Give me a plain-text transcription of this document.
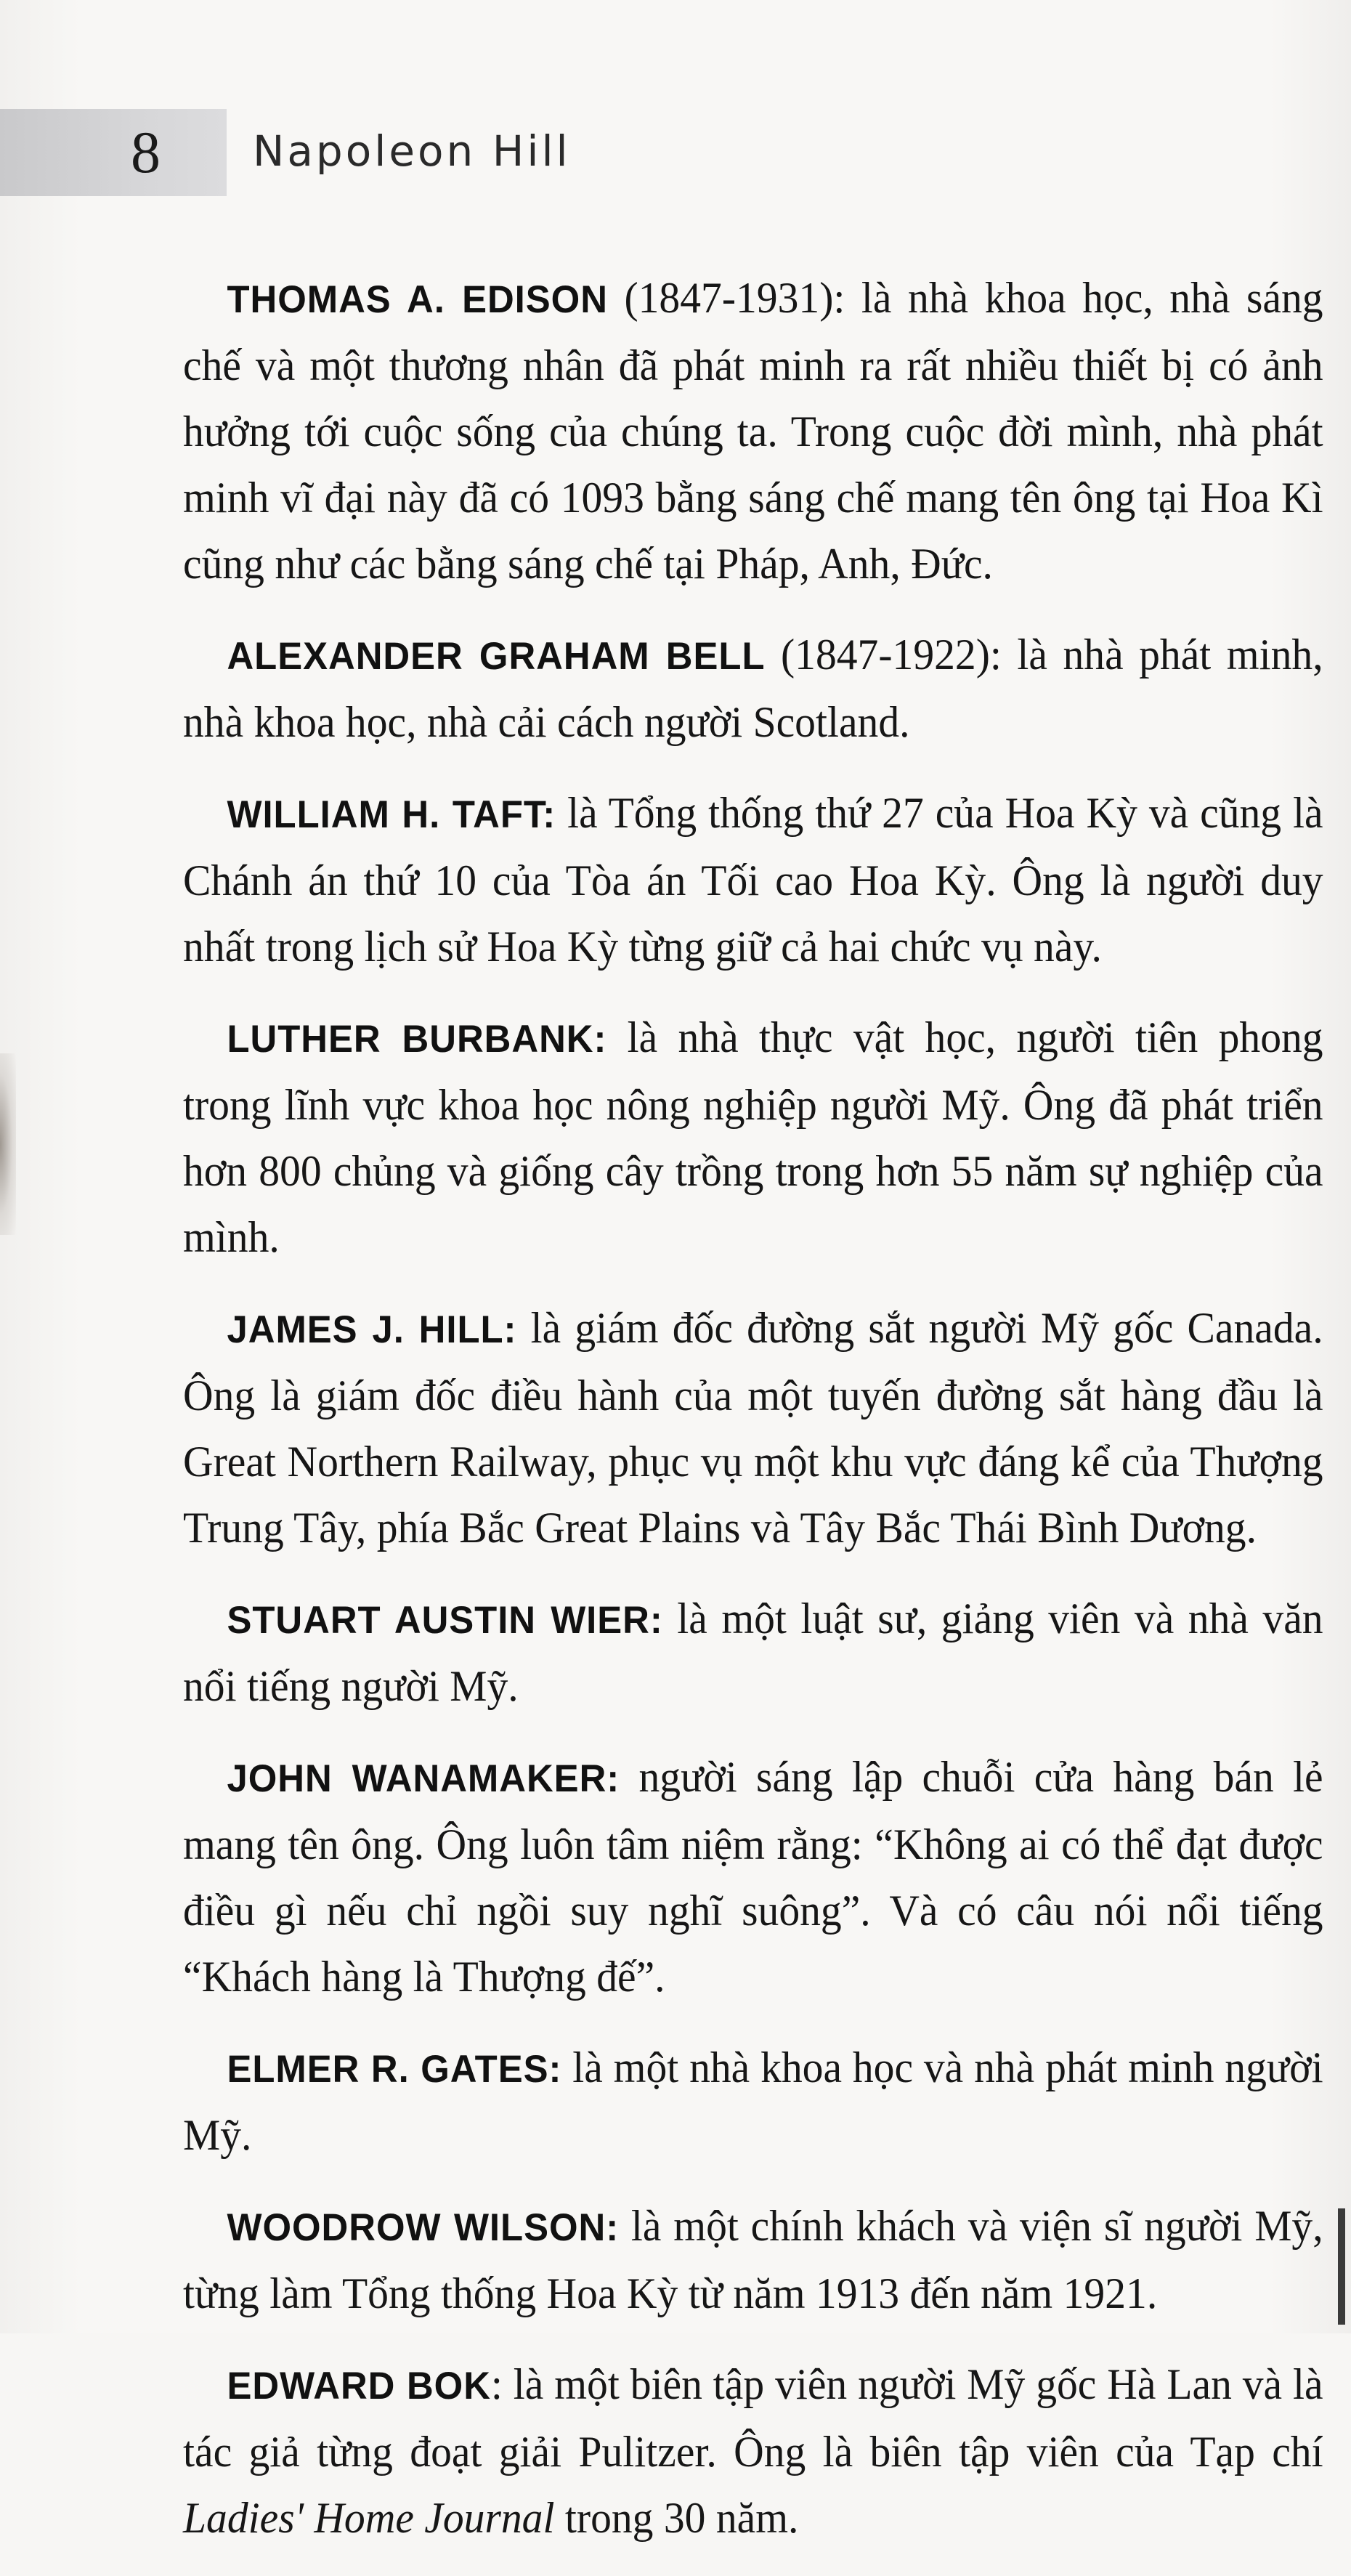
8 Napoleon Hill

THOMAS A. EDISON (1847-1931): là nhà khoa học, nhà sáng chế và một thương nhân đã phát minh ra rất nhiều thiết bị có ảnh hưởng tới cuộc sống của chúng ta. Trong cuộc đời mình, nhà phát minh vĩ đại này đã có 1093 bằng sáng chế mang tên ông tại Hoa Kì cũng như các bằng sáng chế tại Pháp, Anh, Đức.

ALEXANDER GRAHAM BELL (1847-1922): là nhà phát minh, nhà khoa học, nhà cải cách người Scotland.

WILLIAM H. TAFT: là Tổng thống thứ 27 của Hoa Kỳ và cũng là Chánh án thứ 10 của Tòa án Tối cao Hoa Kỳ. Ông là người duy nhất trong lịch sử Hoa Kỳ từng giữ cả hai chức vụ này.

LUTHER BURBANK: là nhà thực vật học, người tiên phong trong lĩnh vực khoa học nông nghiệp người Mỹ. Ông đã phát triển hơn 800 chủng và giống cây trồng trong hơn 55 năm sự nghiệp của mình.

JAMES J. HILL: là giám đốc đường sắt người Mỹ gốc Canada. Ông là giám đốc điều hành của một tuyến đường sắt hàng đầu là Great Northern Railway, phục vụ một khu vực đáng kể của Thượng Trung Tây, phía Bắc Great Plains và Tây Bắc Thái Bình Dương.

STUART AUSTIN WIER: là một luật sư, giảng viên và nhà văn nổi tiếng người Mỹ.

JOHN WANAMAKER: người sáng lập chuỗi cửa hàng bán lẻ mang tên ông. Ông luôn tâm niệm rằng: “Không ai có thể đạt được điều gì nếu chỉ ngồi suy nghĩ suông”. Và có câu nói nổi tiếng “Khách hàng là Thượng đế”.

ELMER R. GATES: là một nhà khoa học và nhà phát minh người Mỹ.

WOODROW WILSON: là một chính khách và viện sĩ người Mỹ, từng làm Tổng thống Hoa Kỳ từ năm 1913 đến năm 1921.

EDWARD BOK: là một biên tập viên người Mỹ gốc Hà Lan và là tác giả từng đoạt giải Pulitzer. Ông là biên tập viên của Tạp chí Ladies' Home Journal trong 30 năm.
